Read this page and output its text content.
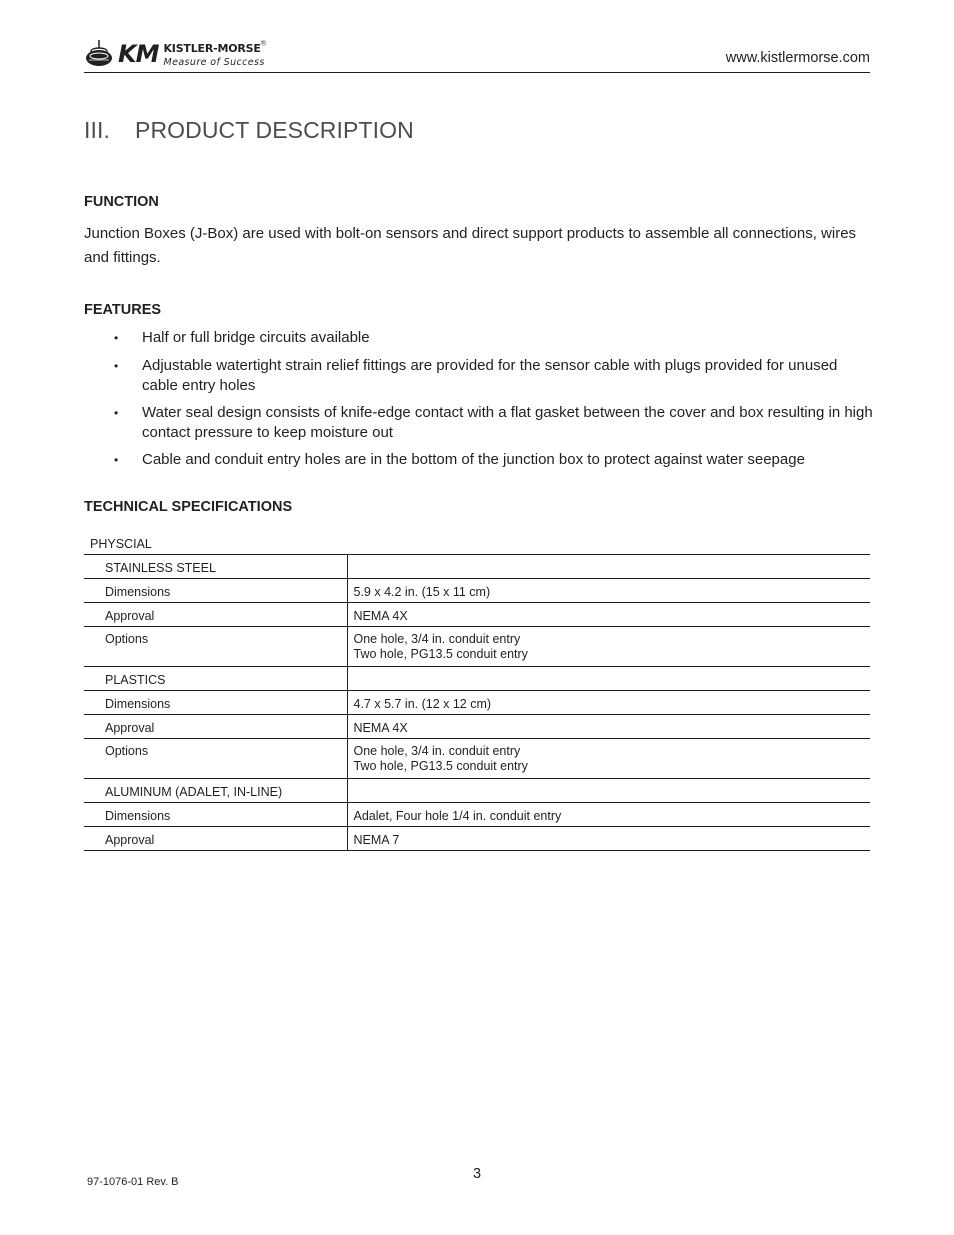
KM KISTLER-MORSE®
Measure of Success	www.kistlermorse.com
III. PRODUCT DESCRIPTION
FUNCTION

Junction Boxes (J-Box) are used with bolt-on sensors and direct support products to assemble all connections, wires and fittings.

FEATURES
• Half or full bridge circuits available
• Adjustable watertight strain relief fittings are provided for the sensor cable with plugs provided for unused cable entry holes
• Water seal design consists of knife-edge contact with a flat gasket between the cover and box resulting in high contact pressure to keep moisture out
• Cable and conduit entry holes are in the bottom of the junction box to protect against water seepage
TECHNICAL SPECIFICATIONS
PHYSCIAL	
STAINLESS STEEL	
Dimensions	5.9 x 4.2 in. (15 x 11 cm)
Approval	NEMA 4X
Options	One hole, 3/4 in. conduit entry
Two hole, PG13.5 conduit entry

PLASTICS	
Dimensions	4.7 x 5.7 in. (12 x 12 cm)
Approval	NEMA 4X
Options	One hole, 3/4 in. conduit entry
Two hole, PG13.5 conduit entry

ALUMINUM (ADALET, IN-LINE)	
Dimensions	Adalet, Four hole 1/4 in. conduit entry
Approval	NEMA 7
3
97-1076-01 Rev. B
